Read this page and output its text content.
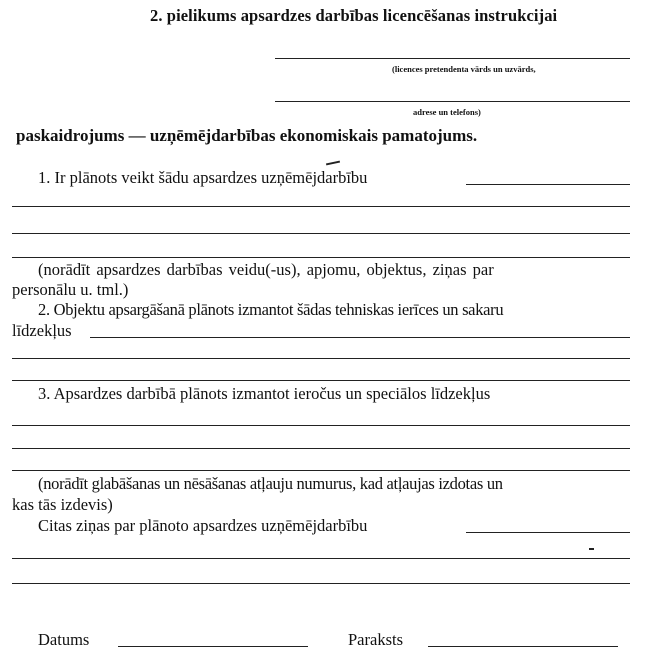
2. pielikums apsardzes darbības licencēšanas instrukcijai
(licences pretendenta vārds un uzvārds,
adrese un telefons)
paskaidrojums — uzņēmējdarbības ekonomiskais pamatojums.
1. Ir plānots veikt šādu apsardzes uzņēmējdarbību
(norādīt apsardzes darbības veidu(-us), apjomu, objektus, ziņas par
personālu u. tml.)
2. Objektu apsargāšanā plānots izmantot šādas tehniskas ierīces un sakaru
līdzekļus
3. Apsardzes darbībā plānots izmantot ieročus un speciālos līdzekļus
(norādīt glabāšanas un nēsāšanas atļauju numurus, kad atļaujas izdotas un
kas tās izdevis)
Citas ziņas par plānoto apsardzes uzņēmējdarbību
Datums	Paraksts
